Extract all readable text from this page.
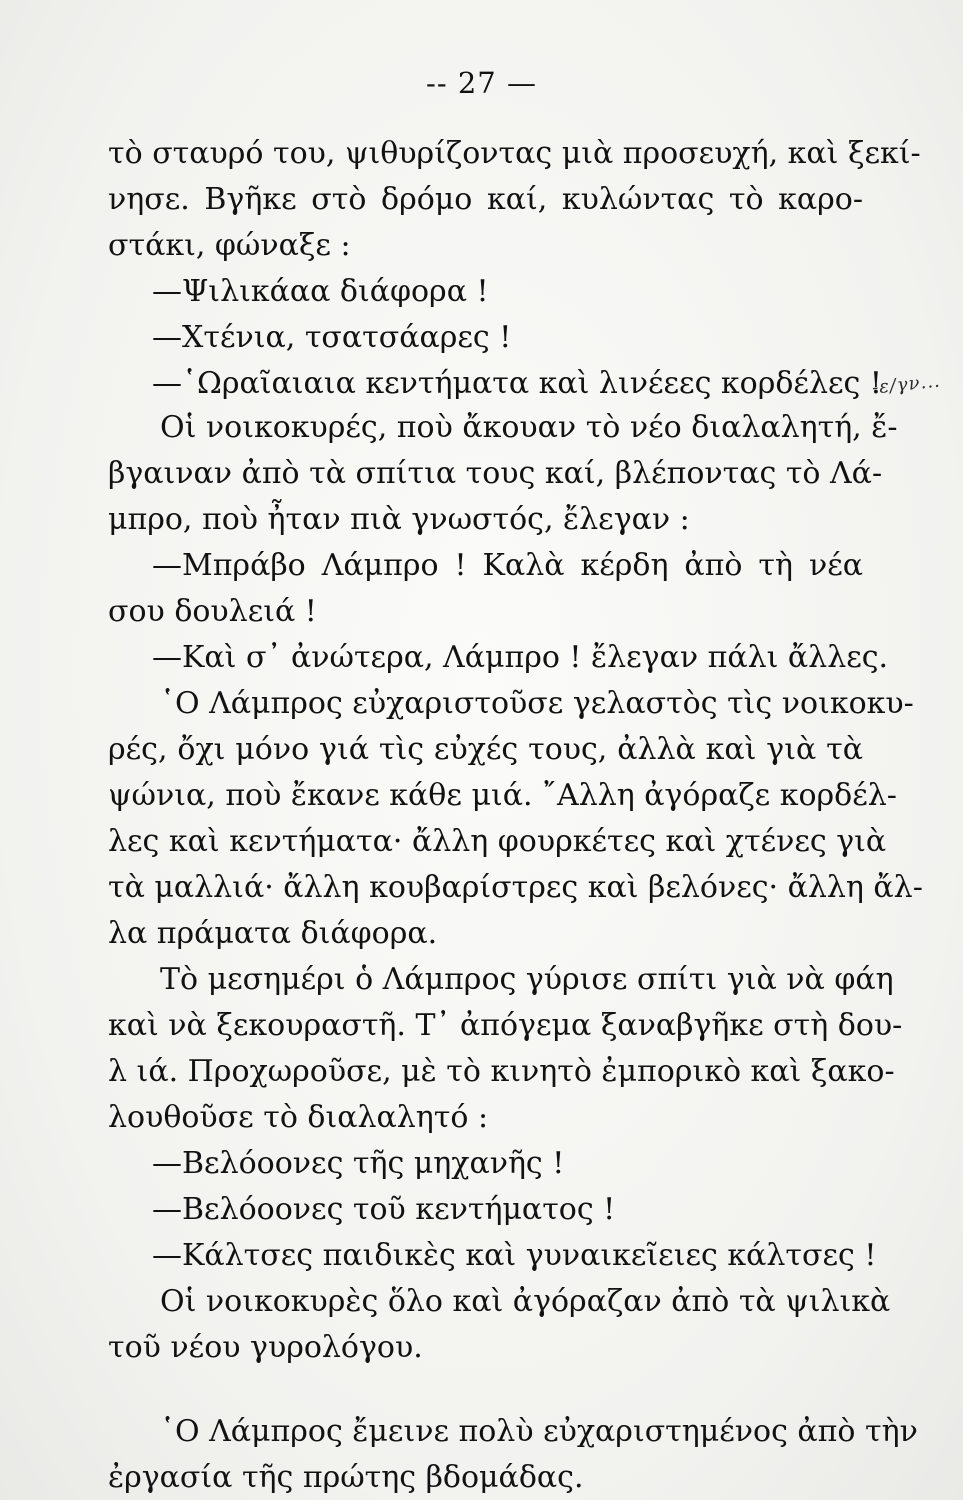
-- 27 —
τὸ σταυρό του, ψιθυρίζοντας μιὰ προσευχή, καὶ ξεκί-
νησε. Βγῆκε στὸ δρόμο καί, κυλώντας τὸ καρο-
στάκι, φώναξε :
—Ψιλικάαα διάφορα !
—Χτένια, τσατσάαρες !
—῾Ωραῖαιαια κεντήματα καὶ λινέεες κορδέλες !
Οἱ νοικοκυρές, ποὺ ἄκουαν τὸ νέο διαλαλητή, ἔ-
βγαιναν ἀπὸ τὰ σπίτια τους καί, βλέποντας τὸ Λά-
μπρο, ποὺ ἦταν πιὰ γνωστός, ἔλεγαν :
—Μπράβο Λάμπρο ! Καλὰ κέρδη ἀπὸ τὴ νέα
σου δουλειά !
—Καὶ σ᾿ ἀνώτερα, Λάμπρο ! ἔλεγαν πάλι ἄλλες.
῾Ο Λάμπρος εὐχαριστοῦσε γελαστὸς τὶς νοικοκυ-
ρές, ὄχι μόνο γιά τὶς εὐχές τους, ἀλλὰ καὶ γιὰ τὰ
ψώνια, ποὺ ἔκανε κάθε μιά. ῎Αλλη ἀγόραζε κορδέλ-
λες καὶ κεντήματα· ἄλλη φουρκέτες καὶ χτένες γιὰ
τὰ μαλλιά· ἄλλη κουβαρίστρες καὶ βελόνες· ἄλλη ἄλ-
λα πράματα διάφορα.
Τὸ μεσημέρι ὁ Λάμπρος γύρισε σπίτι γιὰ νὰ φάη
καὶ νὰ ξεκουραστῆ. Τ᾿ ἀπόγεμα ξαναβγῆκε στὴ δου-
λ ιά. Προχωροῦσε, μὲ τὸ κινητὸ ἐμπορικὸ καὶ ξακο-
λουθοῦσε τὸ διαλαλητό :
—Βελόοονες τῆς μηχανῆς !
—Βελόοονες τοῦ κεντήματος !
—Κάλτσες παιδικὲς καὶ γυναικεῖειες κάλτσες !
Οἱ νοικοκυρὲς ὅλο καὶ ἀγόραζαν ἀπὸ τὰ ψιλικὰ
τοῦ νέου γυρολόγου.
῾Ο Λάμπρος ἔμεινε πολὺ εὐχαριστημένος ἀπὸ τὴν
ἐργασία τῆς πρώτης βδομάδας.
-ε/γν...
